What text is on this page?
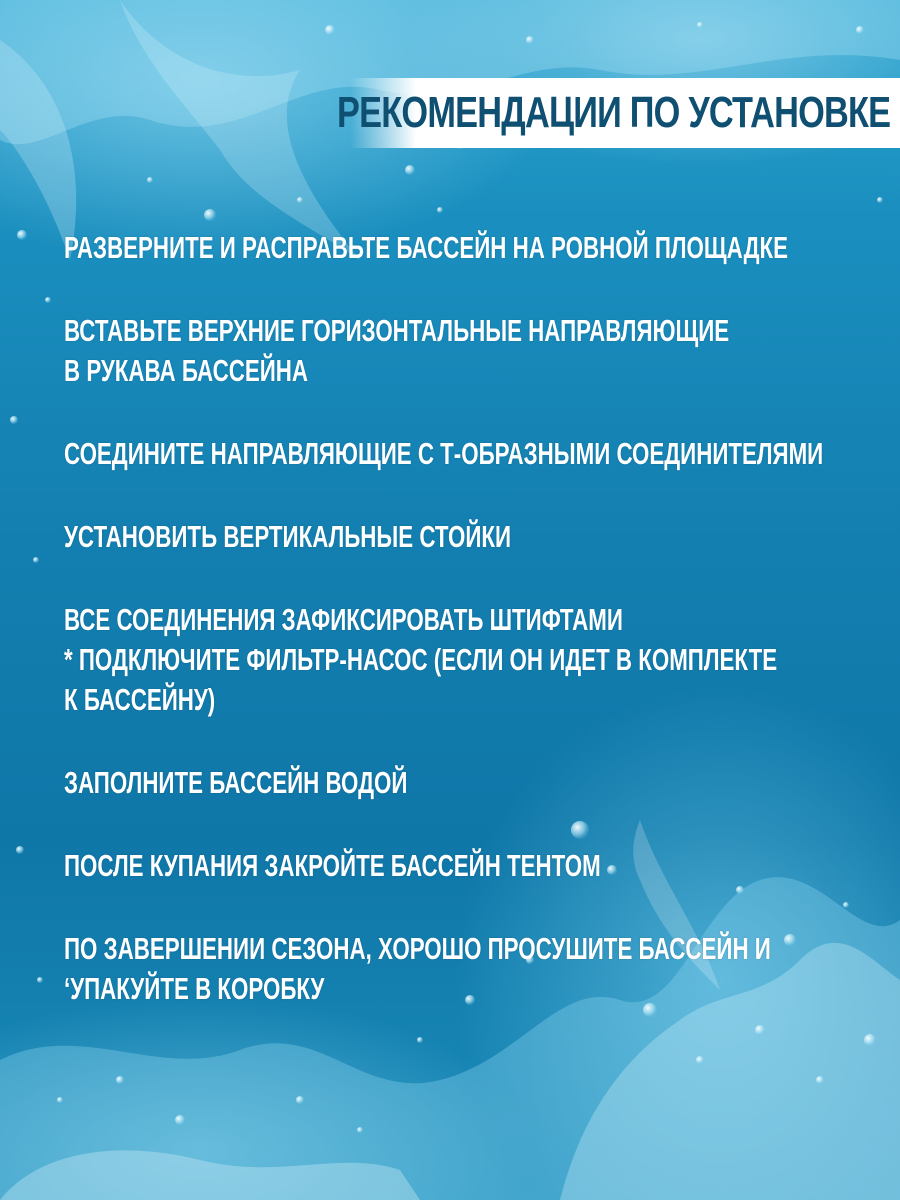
РЕКОМЕНДАЦИИ ПО УСТАНОВКЕ

РАЗВЕРНИТЕ И РАСПРАВЬТЕ БАССЕЙН НА РОВНОЙ ПЛОЩАДКЕ

ВСТАВЬТЕ ВЕРХНИЕ ГОРИЗОНТАЛЬНЫЕ НАПРАВЛЯЮЩИЕ

В РУКАВА БАССЕЙНА

СОЕДИНИТЕ НАПРАВЛЯЮЩИЕ С Т-ОБРАЗНЫМИ СОЕДИНИТЕЛЯМИ

УСТАНОВИТЬ ВЕРТИКАЛЬНЫЕ СТОЙКИ

ВСЕ СОЕДИНЕНИЯ ЗАФИКСИРОВАТЬ ШТИФТАМИ

* ПОДКЛЮЧИТЕ ФИЛЬТР-НАСОС (ЕСЛИ ОН ИДЕТ В КОМПЛЕКТЕ

К БАССЕЙНУ)

ЗАПОЛНИТЕ БАССЕЙН ВОДОЙ

ПОСЛЕ КУПАНИЯ ЗАКРОЙТЕ БАССЕЙН ТЕНТОМ

ПО ЗАВЕРШЕНИИ СЕЗОНА, ХОРОШО ПРОСУШИТЕ БАССЕЙН И

‘УПАКУЙТЕ В КОРОБКУ
